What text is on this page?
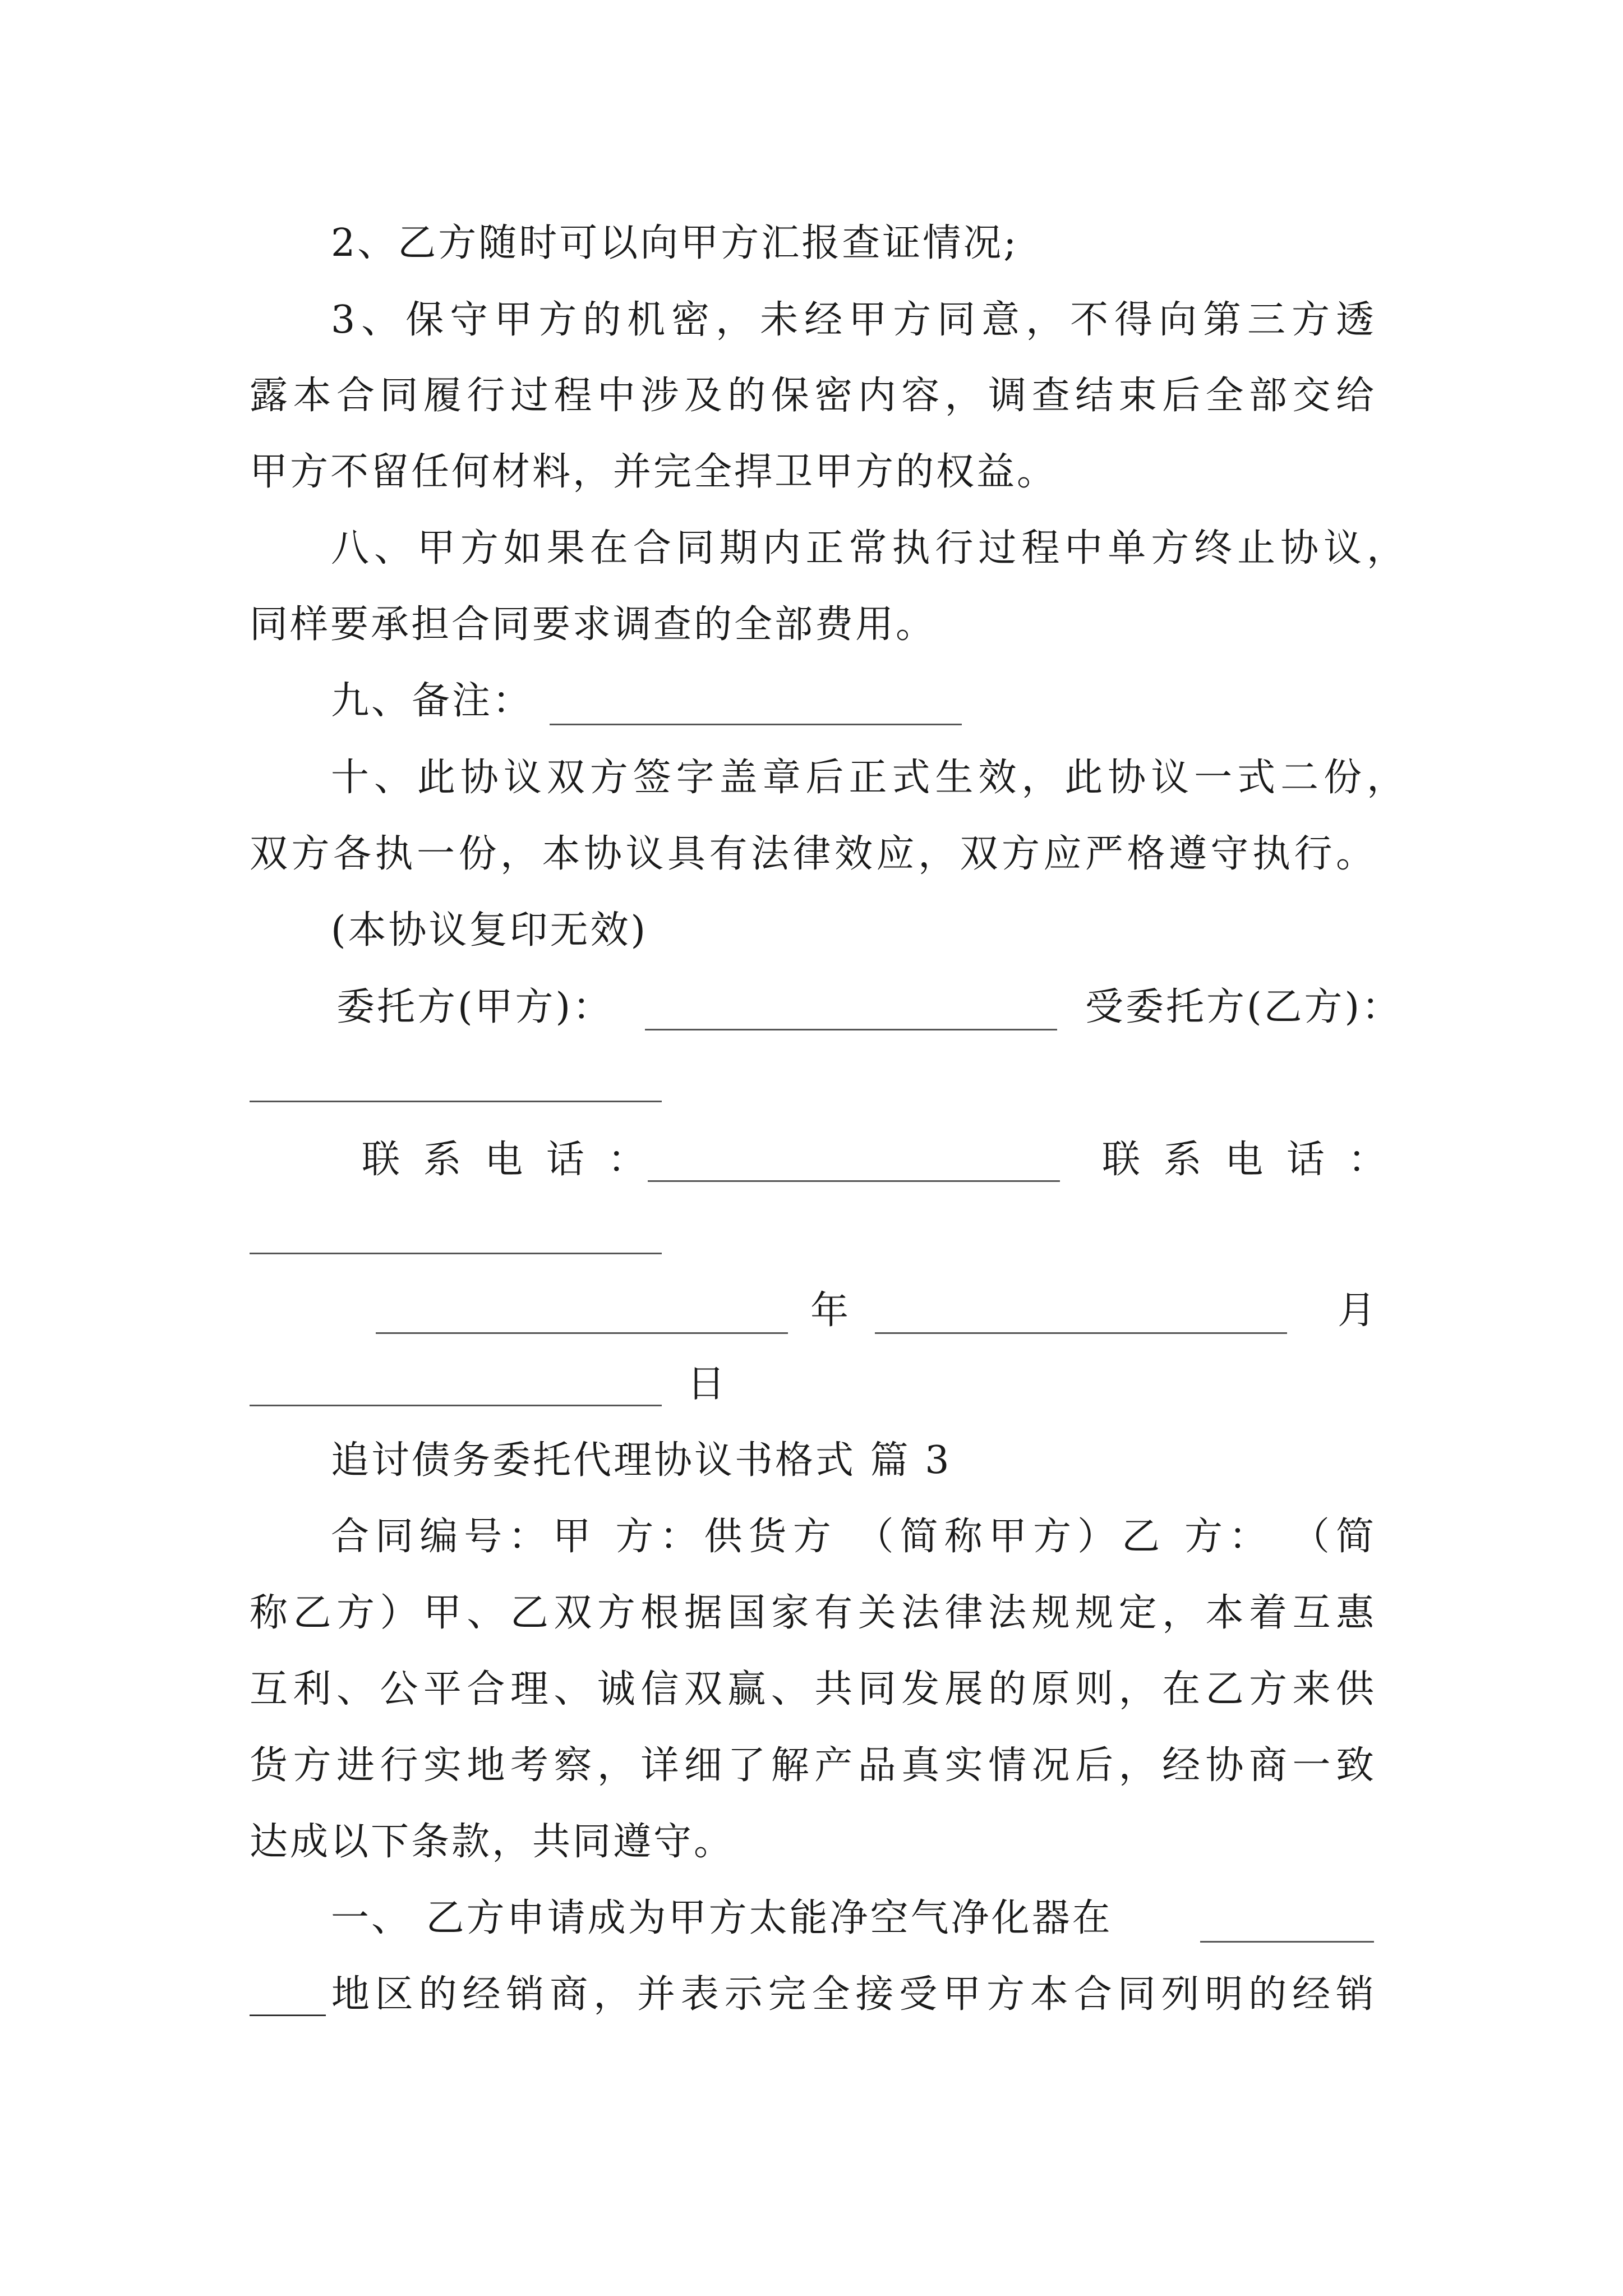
2、乙方随时可以向甲方汇报查证情况;
3、保守甲方的机密，未经甲方同意，不得向第三方透
露本合同履行过程中涉及的保密内容，调查结束后全部交给
甲方不留任何材料，并完全捍卫甲方的权益。
八、甲方如果在合同期内正常执行过程中单方终止协议，
同样要承担合同要求调查的全部费用。
九、备注：
十、此协议双方签字盖章后正式生效，此协议一式二份，
双方各执一份，本协议具有法律效应，双方应严格遵守执行。
(本协议复印无效)
委托方(甲方)：	受委托方(乙方)：
联 系 电 话 ：	联 系 电 话 ：
年	月
日
追讨债务委托代理协议书格式 篇 3
合同编号：甲 方：供货方 （简称甲方）乙 方： （简
称乙方）甲、乙双方根据国家有关法律法规规定，本着互惠
互利、公平合理、诚信双赢、共同发展的原则，在乙方来供
货方进行实地考察，详细了解产品真实情况后，经协商一致
达成以下条款，共同遵守。
一、 乙方申请成为甲方太能净空气净化器在
____地区的经销商，并表示完全接受甲方本合同列明的经销
